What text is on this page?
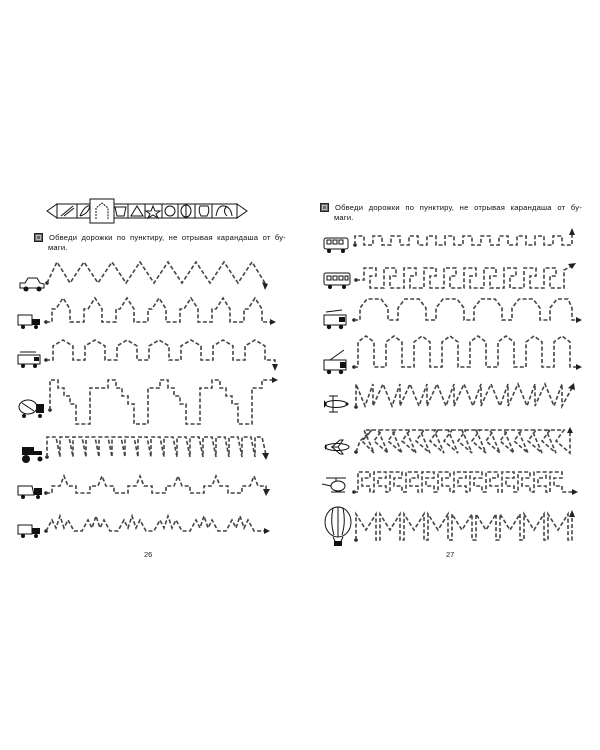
Обведи дорожки по пунктиру, не отрывая карандаша от бу-
маги.
26
Обведи дорожки по пунктиру, не отрывая карандаша от бу-
маги.
27
